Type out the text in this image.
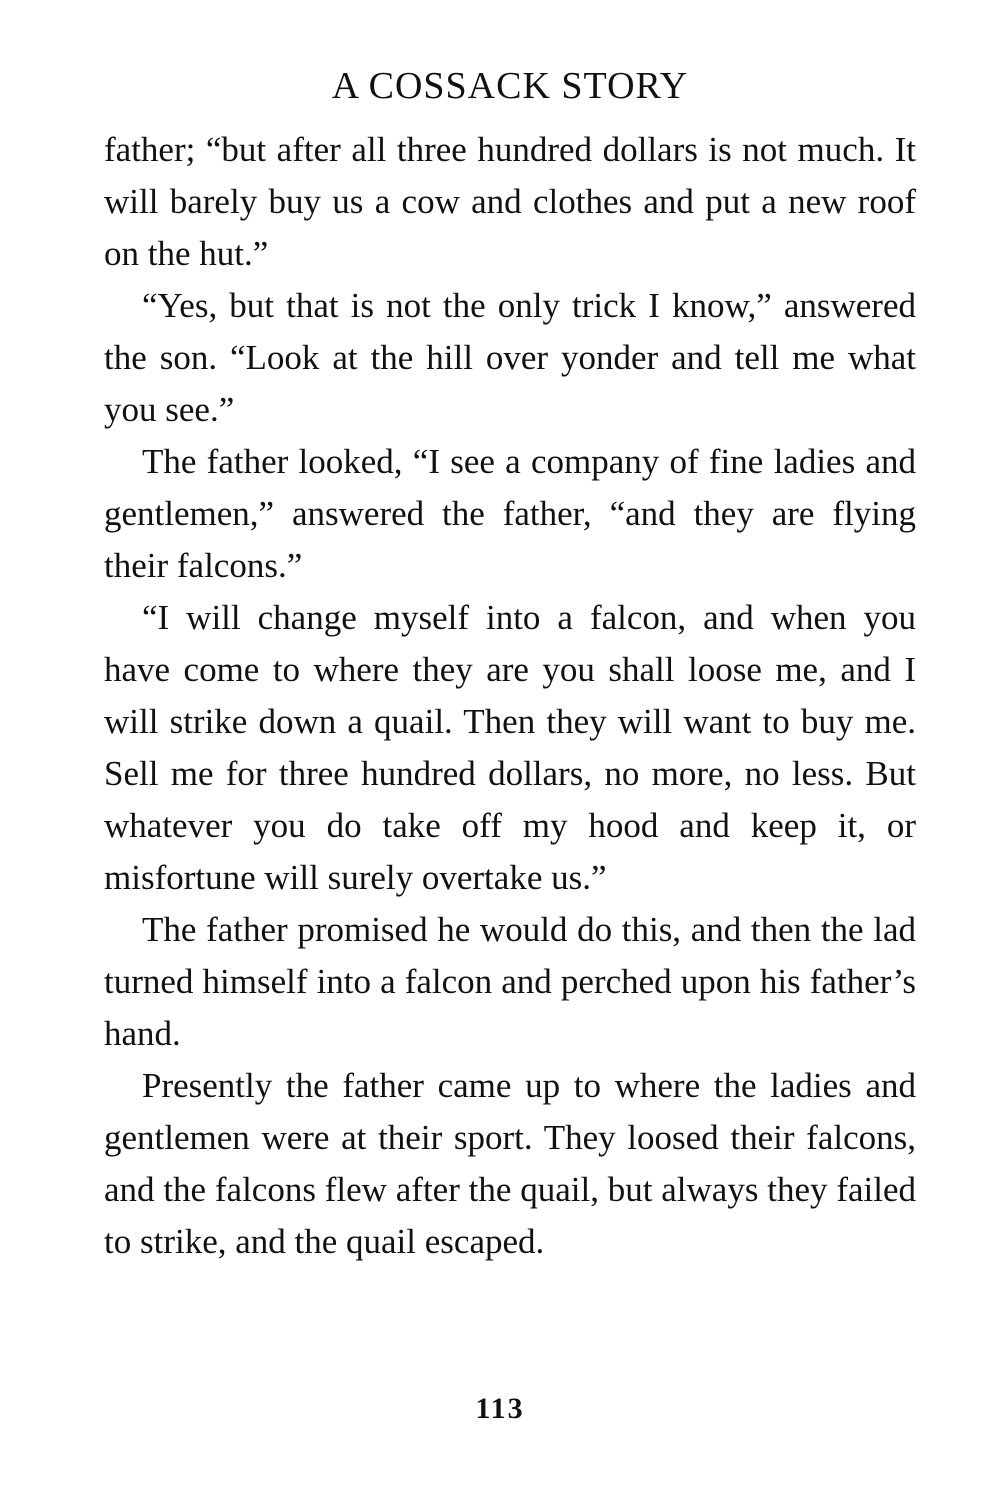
A COSSACK STORY

father; “but after all three hundred dollars is not much. It will barely buy us a cow and clothes and put a new roof on the hut.”

“Yes, but that is not the only trick I know,” answered the son. “Look at the hill over yonder and tell me what you see.”

The father looked, “I see a company of fine ladies and gentlemen,” answered the father, “and they are flying their falcons.”

“I will change myself into a falcon, and when you have come to where they are you shall loose me, and I will strike down a quail. Then they will want to buy me. Sell me for three hundred dollars, no more, no less. But whatever you do take off my hood and keep it, or misfortune will surely overtake us.”

The father promised he would do this, and then the lad turned himself into a falcon and perched upon his father’s hand.

Presently the father came up to where the ladies and gentlemen were at their sport. They loosed their falcons, and the falcons flew after the quail, but always they failed to strike, and the quail escaped.

113
